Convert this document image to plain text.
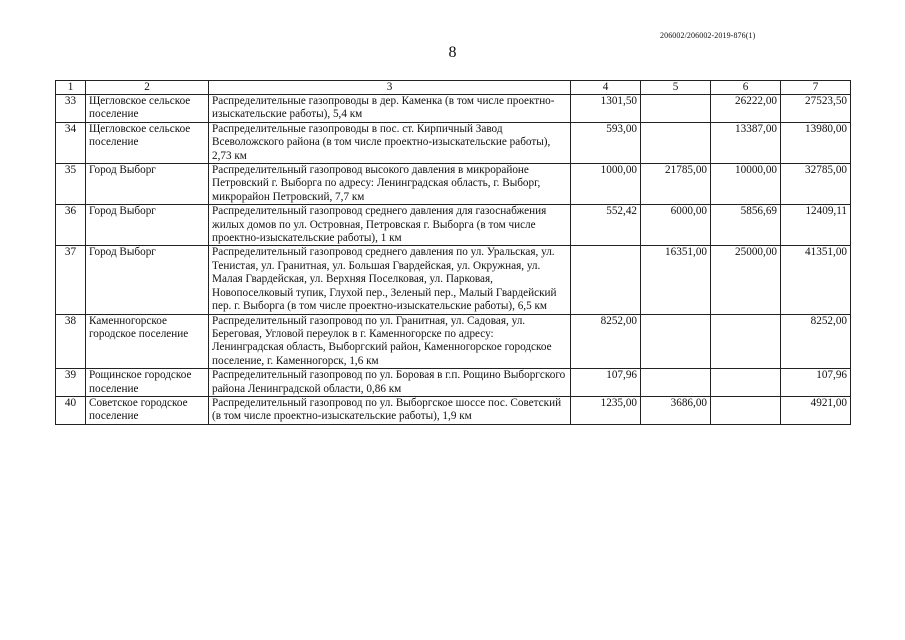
206002/206002-2019-876(1)
8
1	2	3	4	5	6	7
33	Щегловское сельское поселение	Распределительные газопроводы в дер. Каменка (в том числе проектно-изыскательские работы), 5,4 км	1301,50		26222,00	27523,50
34	Щегловское сельское поселение	Распределительные газопроводы в пос. ст. Кирпичный Завод Всеволожского района (в том числе проектно-изыскательские работы), 2,73 км	593,00		13387,00	13980,00
35	Город Выборг	Распределительный газопровод высокого давления в микрорайоне Петровский г. Выборга по адресу: Ленинградская область, г. Выборг, микрорайон Петровский, 7,7 км	1000,00	21785,00	10000,00	32785,00
36	Город Выборг	Распределительный газопровод среднего давления для газоснабжения жилых домов по ул. Островная, Петровская г. Выборга (в том числе проектно-изыскательские работы), 1 км	552,42	6000,00	5856,69	12409,11
37	Город Выборг	Распределительный газопровод среднего давления по ул. Уральская, ул. Тенистая, ул. Гранитная, ул. Большая Гвардейская, ул. Окружная, ул. Малая Гвардейская, ул. Верхняя Поселковая, ул. Парковая, Новопоселковый тупик, Глухой пер., Зеленый пер., Малый Гвардейский пер. г. Выборга (в том числе проектно-изыскательские работы), 6,5 км		16351,00	25000,00	41351,00
38	Каменногорское городское поселение	Распределительный газопровод по ул. Гранитная, ул. Садовая, ул. Береговая, Угловой переулок в г. Каменногорске по адресу: Ленинградская область, Выборгский район, Каменногорское городское поселение, г. Каменногорск, 1,6 км	8252,00			8252,00
39	Рощинское городское поселение	Распределительный газопровод по ул. Боровая в г.п. Рощино Выборгского района Ленинградской области, 0,86 км	107,96			107,96
40	Советское городское поселение	Распределительный газопровод по ул. Выборгское шоссе пос. Советский (в том числе проектно-изыскательские работы), 1,9 км	1235,00	3686,00		4921,00
